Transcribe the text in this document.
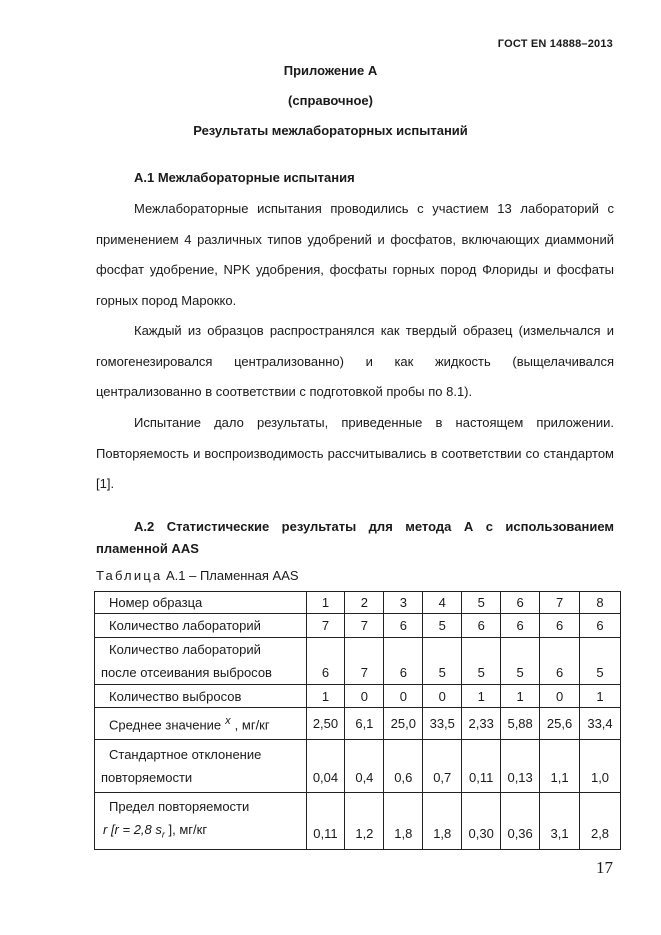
ГОСТ EN 14888–2013
Приложение А
(справочное)
Результаты межлабораторных испытаний
А.1 Межлабораторные испытания
Межлабораторные испытания проводились с участием 13 лабораторий с применением 4 различных типов удобрений и фосфатов, включающих диаммоний фосфат удобрение, NPK удобрения, фосфаты горных пород Флориды и фосфаты горных пород Марокко.
Каждый из образцов распространялся как твердый образец (измельчался и гомогенезировался централизованно) и как жидкость (выщелачивался централизованно в соответствии с подготовкой пробы по 8.1).
Испытание дало результаты, приведенные в настоящем приложении. Повторяемость и воспроизводимость рассчитывались в соответствии со стандартом [1].
А.2 Статистические результаты для метода А с использованием пламенной AAS
Таблица А.1 – Пламенная AAS
Номер образца	1	2	3	4	5	6	7	8
Количество лабораторий	7	7	6	5	6	6	6	6

Количество лабораторий
после отсеивания выбросов	6	7	6	5	5	5	6	5
Количество выбросов	1	0	0	0	1	1	0	1
Среднее значение $^x$ , мг/кг	2,50	6,1	25,0	33,5	2,33	5,88	25,6	33,4

Стандартное отклонение
повторяемости	0,04	0,4	0,6	0,7	0,11	0,13	1,1	1,0

Предел повторяемости
r [r = 2,8 $s_r$ ], мг/кг	0,11	1,2	1,8	1,8	0,30	0,36	3,1	2,8
17
